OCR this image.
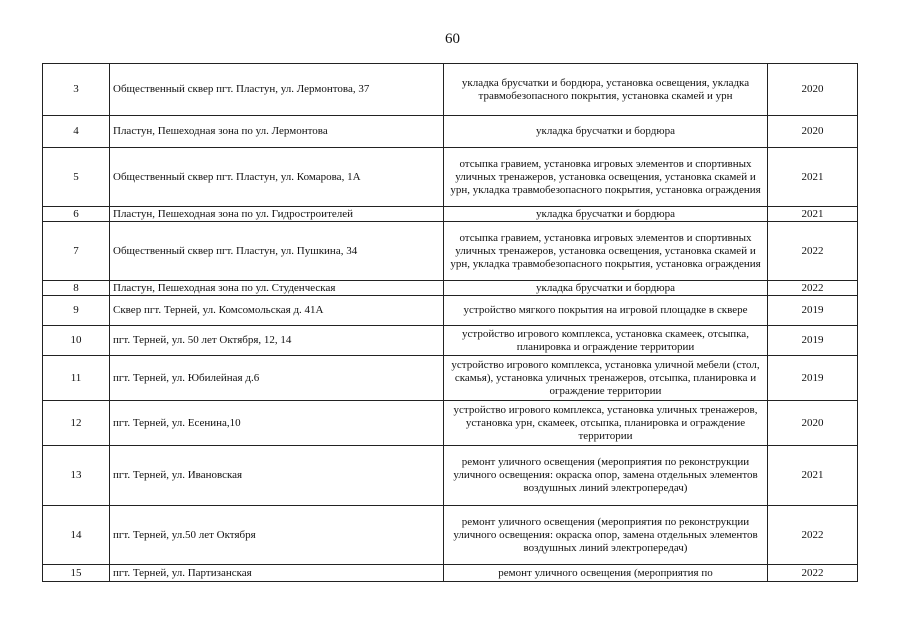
60
3	Общественный сквер пгт. Пластун, ул. Лермонтова, 37	укладка брусчатки и бордюра, установка освещения, укладка травмобезопасного покрытия, установка скамей и урн	2020
4	Пластун, Пешеходная зона по ул. Лермонтова	укладка брусчатки и бордюра	2020
5	Общественный сквер пгт. Пластун, ул. Комарова, 1А	отсыпка гравием, установка игровых элементов и спортивных уличных тренажеров, установка освещения, установка скамей и урн, укладка травмобезопасного покрытия, установка ограждения	2021
6	Пластун, Пешеходная зона по ул. Гидростроителей	укладка брусчатки и бордюра	2021
7	Общественный сквер пгт. Пластун, ул. Пушкина, 34	отсыпка гравием, установка игровых элементов и спортивных уличных тренажеров, установка освещения, установка скамей и урн, укладка травмобезопасного покрытия, установка ограждения	2022
8	Пластун, Пешеходная зона по ул. Студенческая	укладка брусчатки и бордюра	2022
9	Сквер пгт. Терней, ул. Комсомольская д. 41А	устройство мягкого покрытия на игровой площадке в сквере	2019
10	пгт. Терней, ул. 50 лет Октября, 12, 14	устройство игрового комплекса, установка скамеек, отсыпка, планировка и ограждение территории	2019
11	пгт. Терней, ул. Юбилейная д.6	устройство игрового комплекса, установка уличной мебели (стол, скамья), установка уличных тренажеров, отсыпка, планировка и ограждение территории	2019
12	пгт. Терней, ул. Есенина,10	устройство игрового комплекса, установка уличных тренажеров, установка урн, скамеек, отсыпка, планировка и ограждение территории	2020
13	пгт. Терней, ул. Ивановская	ремонт уличного освещения (мероприятия по реконструкции уличного освещения: окраска опор, замена отдельных элементов воздушных линий электропередач)	2021
14	пгт. Терней, ул.50 лет Октября	ремонт уличного освещения (мероприятия по реконструкции уличного освещения: окраска опор, замена отдельных элементов воздушных линий электропередач)	2022
15	пгт. Терней, ул. Партизанская	ремонт уличного освещения (мероприятия по	2022
